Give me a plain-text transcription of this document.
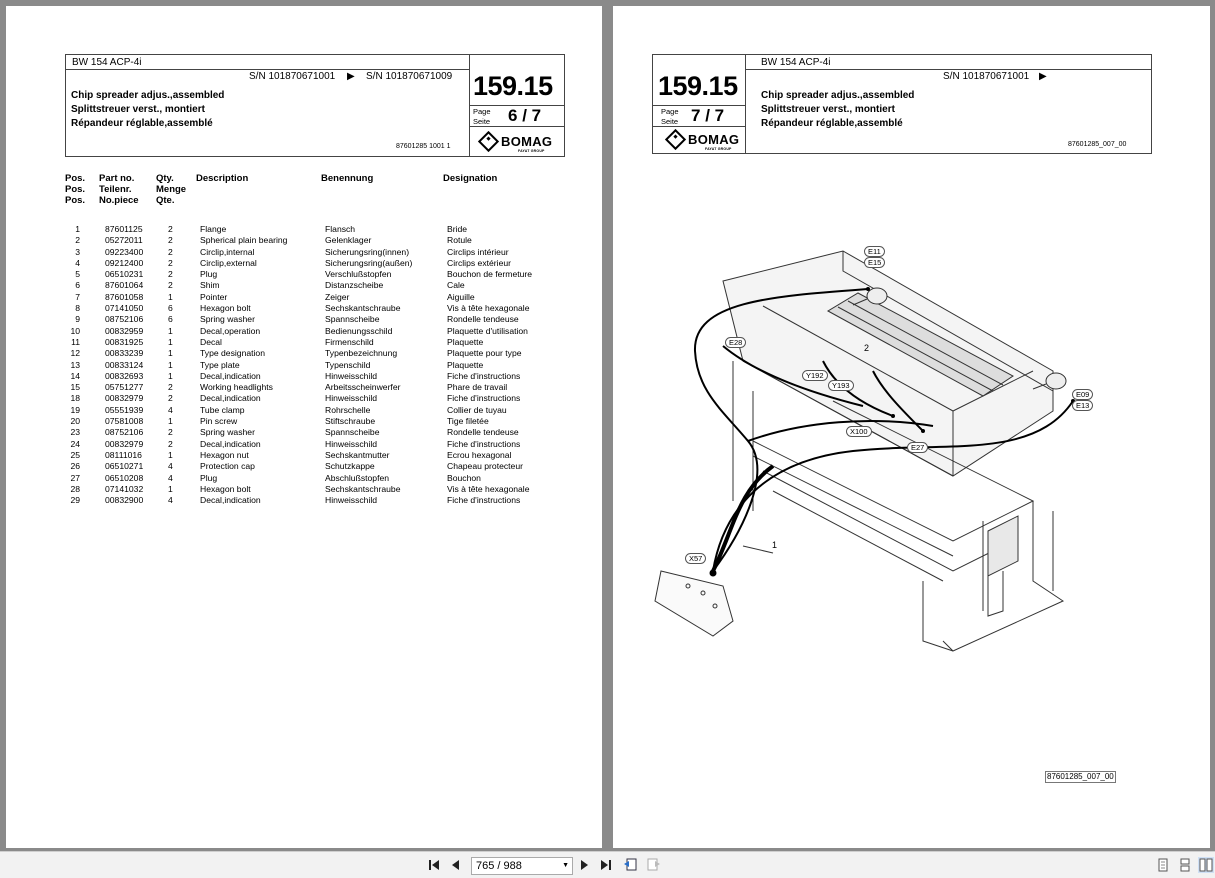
BW 154 ACP-4i
S/N 101870671001 ▶ S/N 101870671009
Chip spreader adjus.,assembled
Splittstreuer verst., montiert
Répandeur réglable,assemblé
87601285 1001 1
159.15
Page
Seite 6 / 7
BOMAG
FAYAT GROUP
Pos.
Pos.
Pos.
Part no.
Teilenr.
No.piece
Qty.
Menge
Qte.
Description	Benennung	Designation
1	87601125	2	Flange	Flansch	Bride
2	05272011	2	Spherical plain bearing	Gelenklager	Rotule
3	09223400	2	Circlip,internal	Sicherungsring(innen)	Circlips intérieur
4	09212400	2	Circlip,external	Sicherungsring(außen)	Circlips extérieur
5	06510231	2	Plug	Verschlußstopfen	Bouchon de fermeture
6	87601064	2	Shim	Distanzscheibe	Cale
7	87601058	1	Pointer	Zeiger	Aiguille
8	07141050	6	Hexagon bolt	Sechskantschraube	Vis à tête hexagonale
9	08752106	6	Spring washer	Spannscheibe	Rondelle tendeuse
10	00832959	1	Decal,operation	Bedienungsschild	Plaquette d'utilisation
11	00831925	1	Decal	Firmenschild	Plaquette
12	00833239	1	Type designation	Typenbezeichnung	Plaquette pour type
13	00833124	1	Type plate	Typenschild	Plaquette
14	00832693	1	Decal,indication	Hinweisschild	Fiche d'instructions
15	05751277	2	Working headlights	Arbeitsscheinwerfer	Phare de travail
18	00832979	2	Decal,indication	Hinweisschild	Fiche d'instructions
19	05551939	4	Tube clamp	Rohrschelle	Collier de tuyau
20	07581008	1	Pin screw	Stiftschraube	Tige filetée
23	08752106	2	Spring washer	Spannscheibe	Rondelle tendeuse
24	00832979	2	Decal,indication	Hinweisschild	Fiche d'instructions
25	08111016	1	Hexagon nut	Sechskantmutter	Ecrou hexagonal
26	06510271	4	Protection cap	Schutzkappe	Chapeau protecteur
27	06510208	4	Plug	Abschlußstopfen	Bouchon
28	07141032	1	Hexagon bolt	Sechskantschraube	Vis à tête hexagonale
29	00832900	4	Decal,indication	Hinweisschild	Fiche d'instructions
BW 154 ACP-4i
S/N 101870671001 ▶
159.15
Page
Seite 7 / 7
BOMAG
FAYAT GROUP
Chip spreader adjus.,assembled
Splittstreuer verst., montiert
Répandeur réglable,assemblé
87601285_007_00
E11
E15
E28
Y192
Y193
X100
E27
E09
E13
X57
1
2
87601285_007_00
765 / 988	▼
